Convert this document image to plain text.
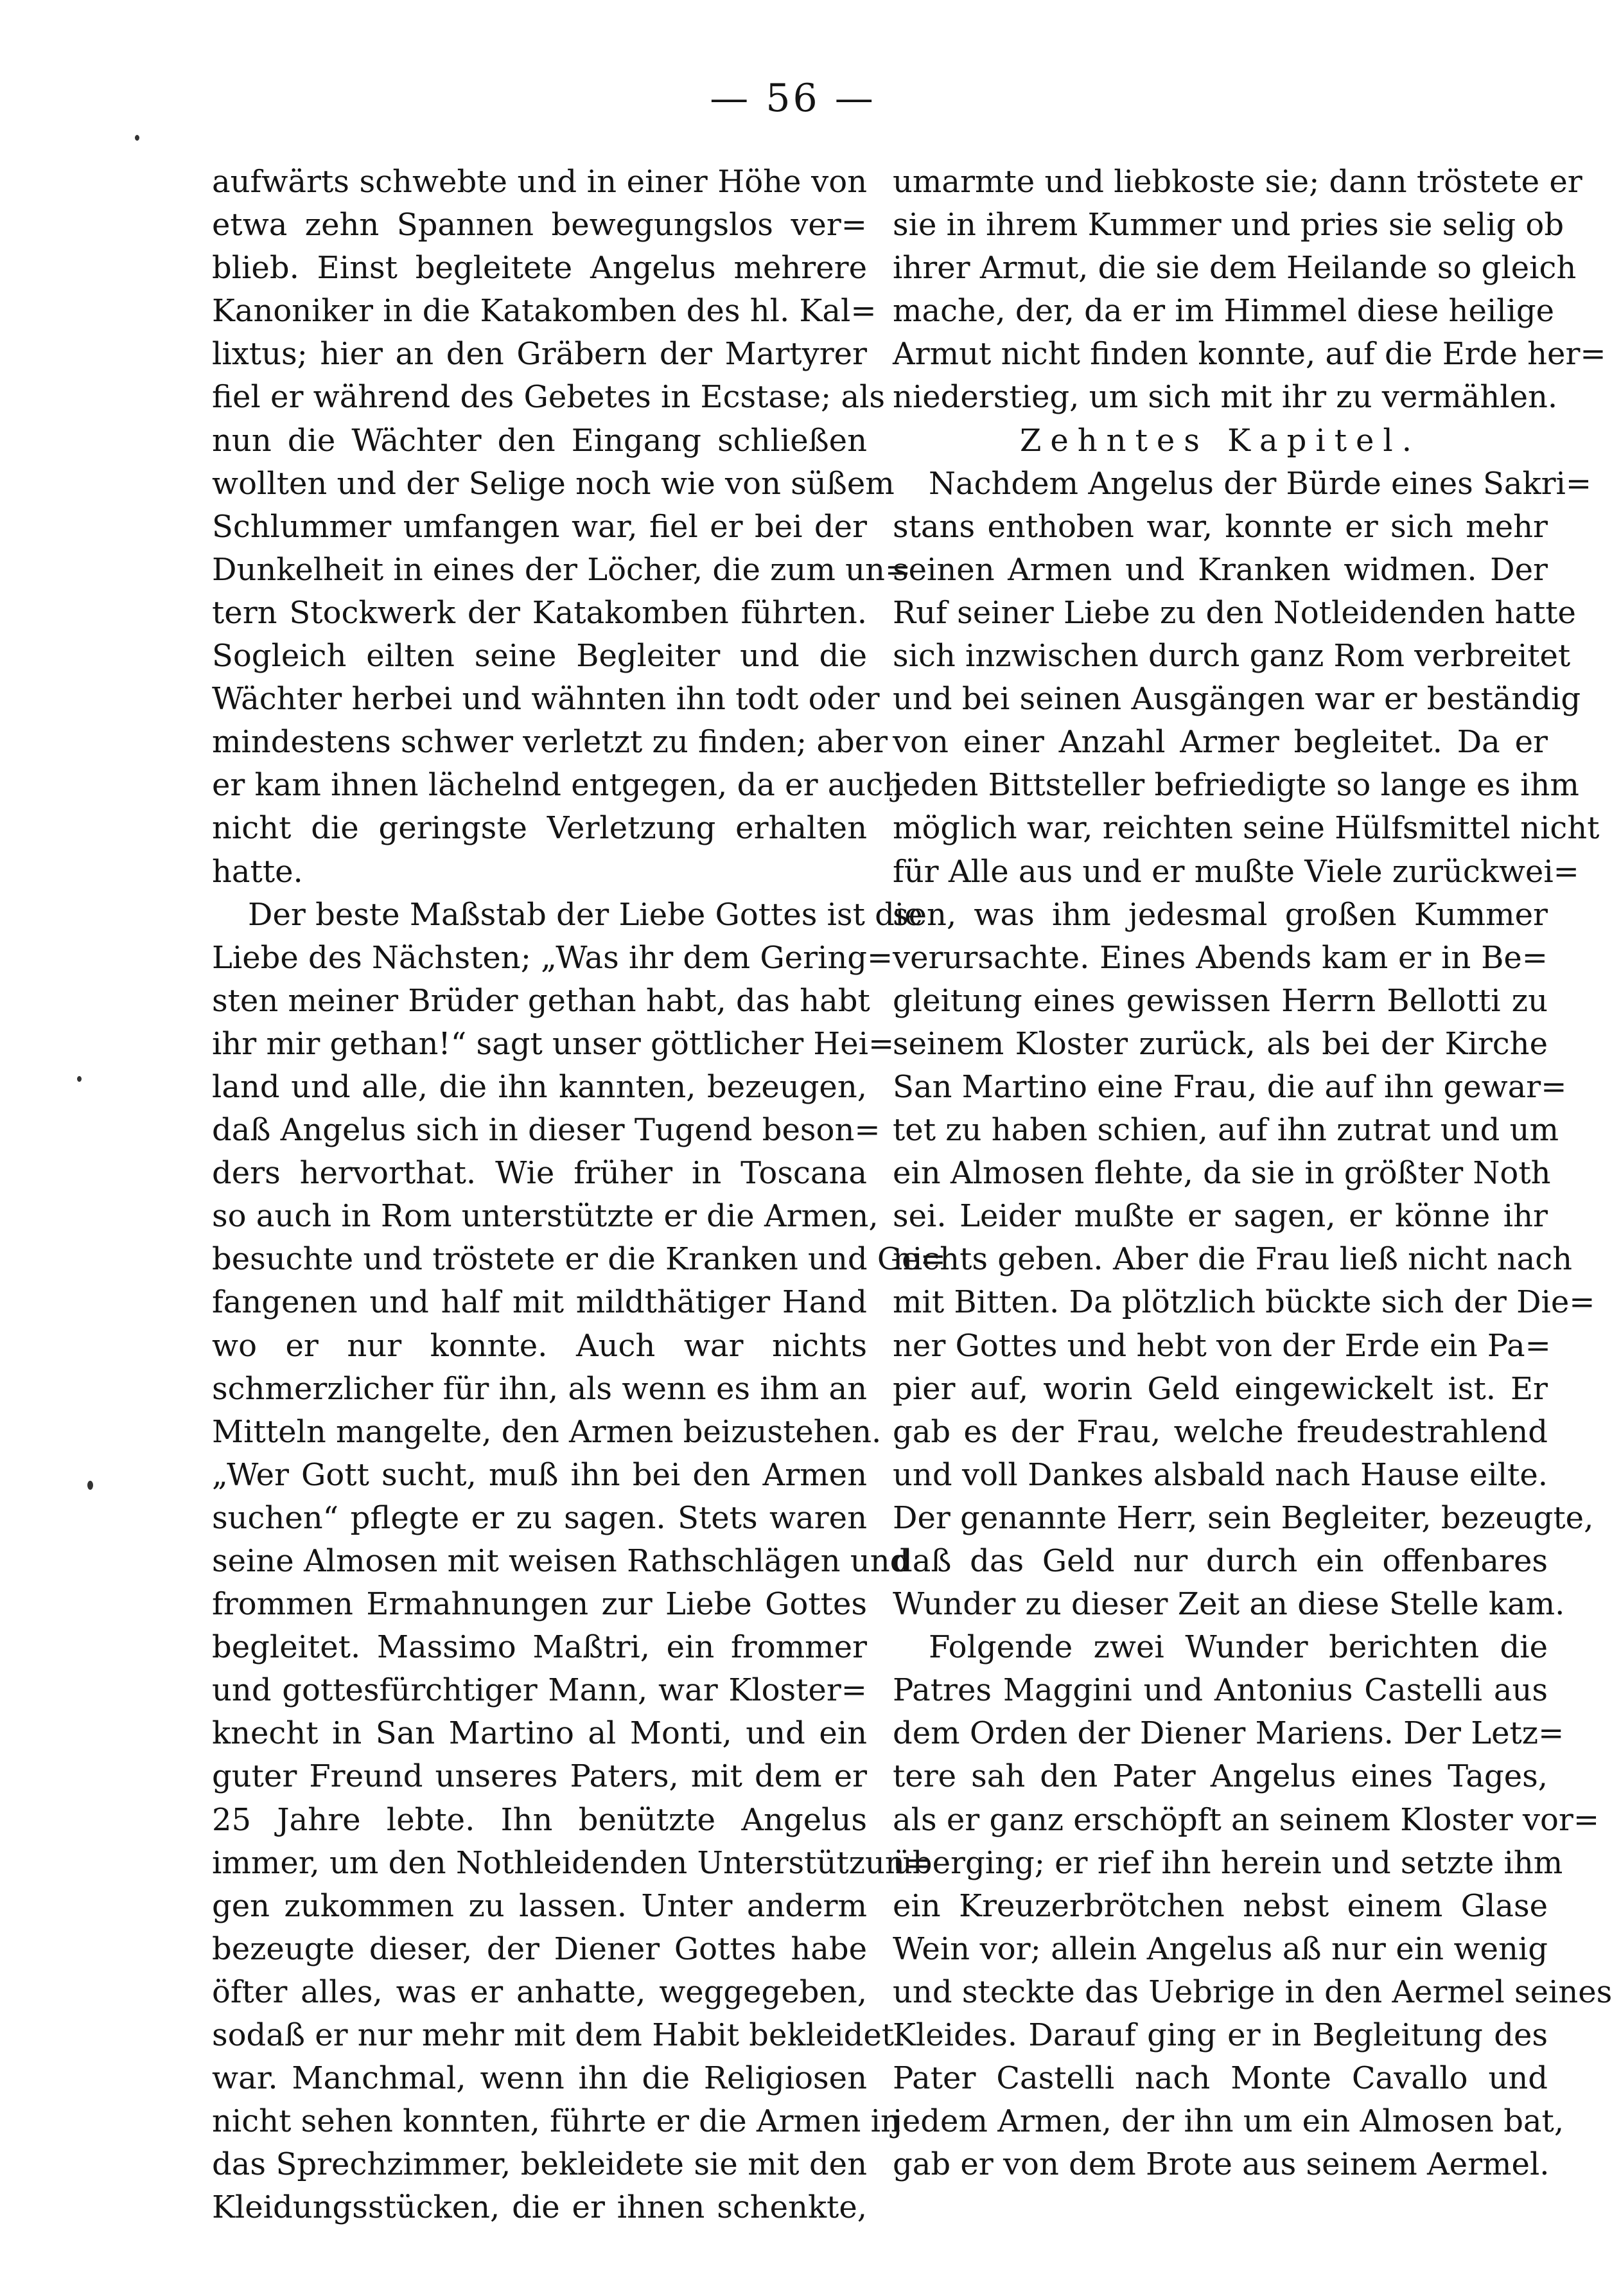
— 56 —
aufwärts schwebte und in einer Höhe von
etwa zehn Spannen bewegungslos ver=
blieb. Einst begleitete Angelus mehrere
Kanoniker in die Katakomben des hl. Kal=
lixtus; hier an den Gräbern der Martyrer
fiel er während des Gebetes in Ecstase; als
nun die Wächter den Eingang schließen
wollten und der Selige noch wie von süßem
Schlummer umfangen war, fiel er bei der
Dunkelheit in eines der Löcher, die zum un=
tern Stockwerk der Katakomben führten.
Sogleich eilten seine Begleiter und die
Wächter herbei und wähnten ihn todt oder
mindestens schwer verletzt zu finden; aber
er kam ihnen lächelnd entgegen, da er auch
nicht die geringste Verletzung erhalten
hatte.
Der beste Maßstab der Liebe Gottes ist die
Liebe des Nächsten; „Was ihr dem Gering=
sten meiner Brüder gethan habt, das habt
ihr mir gethan!“ sagt unser göttlicher Hei=
land und alle, die ihn kannten, bezeugen,
daß Angelus sich in dieser Tugend beson=
ders hervorthat. Wie früher in Toscana
so auch in Rom unterstützte er die Armen,
besuchte und tröstete er die Kranken und Ge=
fangenen und half mit mildthätiger Hand
wo er nur konnte. Auch war nichts
schmerzlicher für ihn, als wenn es ihm an
Mitteln mangelte, den Armen beizustehen.
„Wer Gott sucht, muß ihn bei den Armen
suchen“ pflegte er zu sagen. Stets waren
seine Almosen mit weisen Rathschlägen und
frommen Ermahnungen zur Liebe Gottes
begleitet. Massimo Maßtri, ein frommer
und gottesfürchtiger Mann, war Kloster=
knecht in San Martino al Monti, und ein
guter Freund unseres Paters, mit dem er
25 Jahre lebte. Ihn benützte Angelus
immer, um den Nothleidenden Unterstützun=
gen zukommen zu lassen. Unter anderm
bezeugte dieser, der Diener Gottes habe
öfter alles, was er anhatte, weggegeben,
sodaß er nur mehr mit dem Habit bekleidet
war. Manchmal, wenn ihn die Religiosen
nicht sehen konnten, führte er die Armen in
das Sprechzimmer, bekleidete sie mit den
Kleidungsstücken, die er ihnen schenkte,
umarmte und liebkoste sie; dann tröstete er
sie in ihrem Kummer und pries sie selig ob
ihrer Armut, die sie dem Heilande so gleich
mache, der, da er im Himmel diese heilige
Armut nicht finden konnte, auf die Erde her=
niederstieg, um sich mit ihr zu vermählen.
Zehntes Kapitel.
Nachdem Angelus der Bürde eines Sakri=
stans enthoben war, konnte er sich mehr
seinen Armen und Kranken widmen. Der
Ruf seiner Liebe zu den Notleidenden hatte
sich inzwischen durch ganz Rom verbreitet
und bei seinen Ausgängen war er beständig
von einer Anzahl Armer begleitet. Da er
jeden Bittsteller befriedigte so lange es ihm
möglich war, reichten seine Hülfsmittel nicht
für Alle aus und er mußte Viele zurückwei=
sen, was ihm jedesmal großen Kummer
verursachte. Eines Abends kam er in Be=
gleitung eines gewissen Herrn Bellotti zu
seinem Kloster zurück, als bei der Kirche
San Martino eine Frau, die auf ihn gewar=
tet zu haben schien, auf ihn zutrat und um
ein Almosen flehte, da sie in größter Noth
sei. Leider mußte er sagen, er könne ihr
nichts geben. Aber die Frau ließ nicht nach
mit Bitten. Da plötzlich bückte sich der Die=
ner Gottes und hebt von der Erde ein Pa=
pier auf, worin Geld eingewickelt ist. Er
gab es der Frau, welche freudestrahlend
und voll Dankes alsbald nach Hause eilte.
Der genannte Herr, sein Begleiter, bezeugte,
daß das Geld nur durch ein offenbares
Wunder zu dieser Zeit an diese Stelle kam.
Folgende zwei Wunder berichten die
Patres Maggini und Antonius Castelli aus
dem Orden der Diener Mariens. Der Letz=
tere sah den Pater Angelus eines Tages,
als er ganz erschöpft an seinem Kloster vor=
überging; er rief ihn herein und setzte ihm
ein Kreuzerbrötchen nebst einem Glase
Wein vor; allein Angelus aß nur ein wenig
und steckte das Uebrige in den Aermel seines
Kleides. Darauf ging er in Begleitung des
Pater Castelli nach Monte Cavallo und
jedem Armen, der ihn um ein Almosen bat,
gab er von dem Brote aus seinem Aermel.
